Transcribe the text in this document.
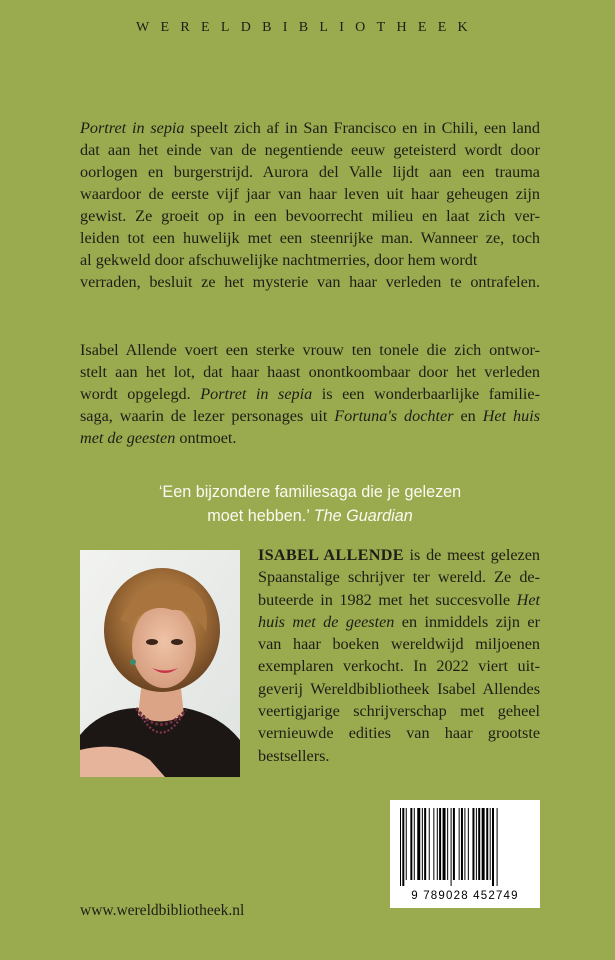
WERELDBIBLIOTHEEK
Portret in sepia speelt zich af in San Francisco en in Chili, een land
dat aan het einde van de negentiende eeuw geteisterd wordt door
oorlogen en burgerstrijd. Aurora del Valle lijdt aan een trauma
waardoor de eerste vijf jaar van haar leven uit haar geheugen zijn
gewist. Ze groeit op in een bevoorrecht milieu en laat zich ver-
leiden tot een huwelijk met een steenrijke man. Wanneer ze, toch
al gekweld door afschuwelijke nachtmerries, door hem wordt
verraden, besluit ze het mysterie van haar verleden te ontrafelen.
Isabel Allende voert een sterke vrouw ten tonele die zich ontwor-
stelt aan het lot, dat haar haast onontkoombaar door het verleden
wordt opgelegd. Portret in sepia is een wonderbaarlijke familie-
saga, waarin de lezer personages uit Fortuna's dochter en Het huis
met de geesten ontmoet.
‘Een bijzondere familiesaga die je gelezen
moet hebben.’ The Guardian
ISABEL ALLENDE is de meest gelezen
Spaanstalige schrijver ter wereld. Ze de-
buteerde in 1982 met het succesvolle Het
huis met de geesten en inmiddels zijn er
van haar boeken wereldwijd miljoenen
exemplaren verkocht. In 2022 viert uit-
geverij Wereldbibliotheek Isabel Allendes
veertigjarige schrijverschap met geheel
vernieuwde edities van haar grootste
bestsellers.
9 789028 452749
www.wereldbibliotheek.nl
